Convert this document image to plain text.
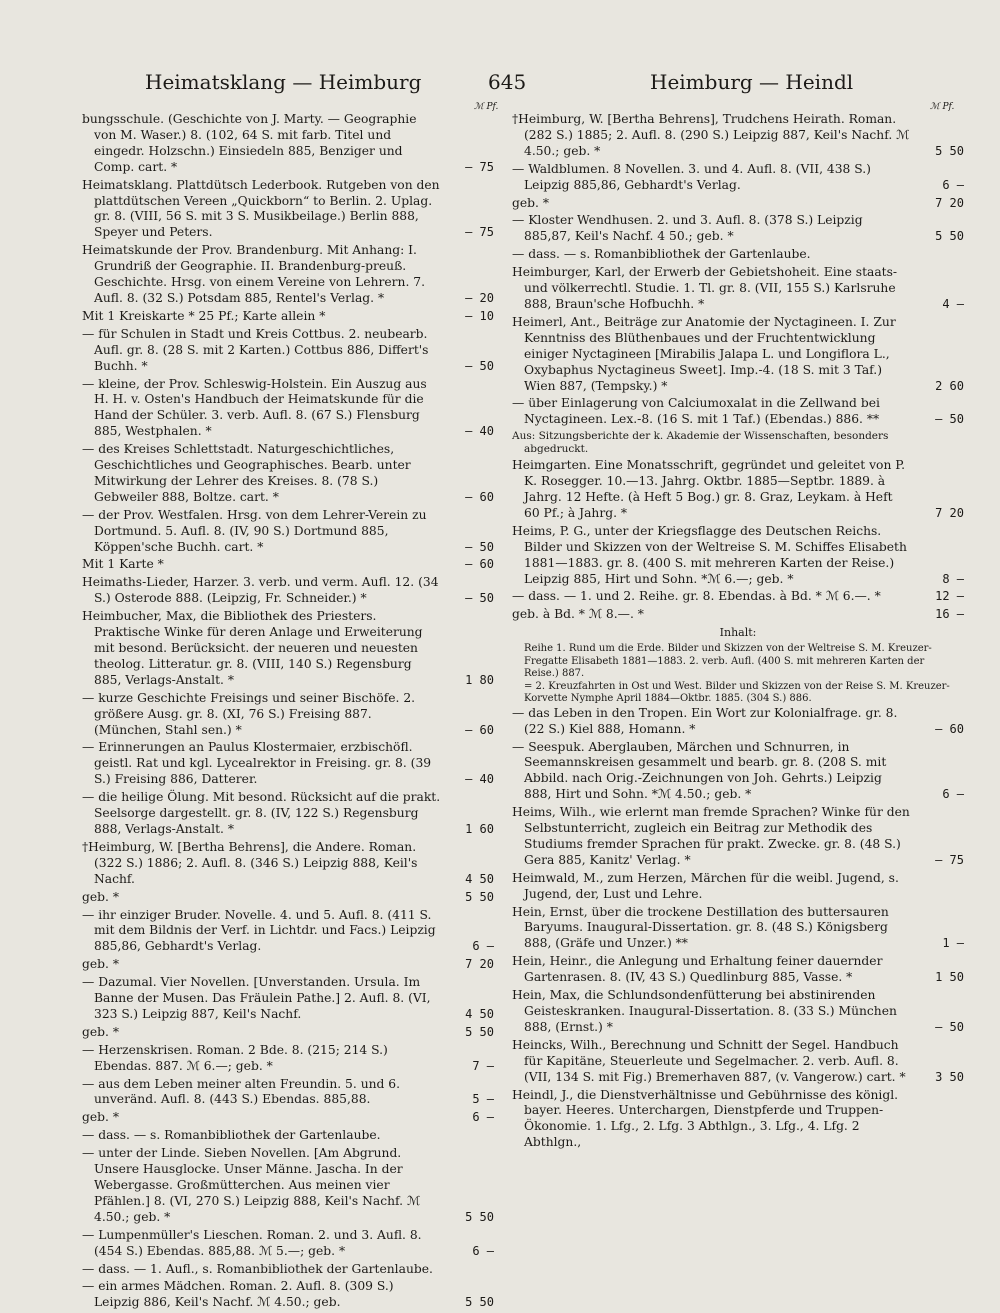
Heimatsklang — Heimburg	645	Heimburg — Heindl
ℳ Pf.	ℳ Pf.
bungsschule. (Geschichte von J. Marty. — Geographie von M. Waser.) 8. (102, 64 S. mit farb. Titel und eingedr. Holzschn.) Einsiedeln 885, Benziger und Comp. cart. *	— 75
Heimatsklang. Plattdütsch Lederbook. Rutgeben von den plattdütschen Vereen „Quickborn“ to Berlin. 2. Uplag. gr. 8. (VIII, 56 S. mit 3 S. Musikbeilage.) Berlin 888, Speyer und Peters.	— 75
Heimatskunde der Prov. Brandenburg. Mit Anhang: I. Grundriß der Geographie. II. Brandenburg-preuß. Geschichte. Hrsg. von einem Vereine von Lehrern. 7. Aufl. 8. (32 S.) Potsdam 885, Rentel's Verlag. *	— 20
Mit 1 Kreiskarte * 25 Pf.; Karte allein *	— 10
— für Schulen in Stadt und Kreis Cottbus. 2. neubearb. Aufl. gr. 8. (28 S. mit 2 Karten.) Cottbus 886, Differt's Buchh. *	— 50
— kleine, der Prov. Schleswig-Holstein. Ein Auszug aus H. H. v. Osten's Handbuch der Heimatskunde für die Hand der Schüler. 3. verb. Aufl. 8. (67 S.) Flensburg 885, Westphalen. *	— 40
— des Kreises Schlettstadt. Naturgeschichtliches, Geschichtliches und Geographisches. Bearb. unter Mitwirkung der Lehrer des Kreises. 8. (78 S.) Gebweiler 888, Boltze. cart. *	— 60
— der Prov. Westfalen. Hrsg. von dem Lehrer-Verein zu Dortmund. 5. Aufl. 8. (IV, 90 S.) Dortmund 885, Köppen'sche Buchh. cart. *	— 50
Mit 1 Karte *	— 60
Heimaths-Lieder, Harzer. 3. verb. und verm. Aufl. 12. (34 S.) Osterode 888. (Leipzig, Fr. Schneider.) *	— 50
Heimbucher, Max, die Bibliothek des Priesters. Praktische Winke für deren Anlage und Erweiterung mit besond. Berücksicht. der neueren und neuesten theolog. Litteratur. gr. 8. (VIII, 140 S.) Regensburg 885, Verlags-Anstalt. *	1 80
— kurze Geschichte Freisings und seiner Bischöfe. 2. größere Ausg. gr. 8. (XI, 76 S.) Freising 887. (München, Stahl sen.) *	— 60
— Erinnerungen an Paulus Klostermaier, erzbischöfl. geistl. Rat und kgl. Lycealrektor in Freising. gr. 8. (39 S.) Freising 886, Datterer.	— 40
— die heilige Ölung. Mit besond. Rücksicht auf die prakt. Seelsorge dargestellt. gr. 8. (IV, 122 S.) Regensburg 888, Verlags-Anstalt. *	1 60
†Heimburg, W. [Bertha Behrens], die Andere. Roman. (322 S.) 1886; 2. Aufl. 8. (346 S.) Leipzig 888, Keil's Nachf.	4 50
geb. *	5 50
— ihr einziger Bruder. Novelle. 4. und 5. Aufl. 8. (411 S. mit dem Bildnis der Verf. in Lichtdr. und Facs.) Leipzig 885,86, Gebhardt's Verlag.	6 —
geb. *	7 20
— Dazumal. Vier Novellen. [Unverstanden. Ursula. Im Banne der Musen. Das Fräulein Pathe.] 2. Aufl. 8. (VI, 323 S.) Leipzig 887, Keil's Nachf.	4 50
geb. *	5 50
— Herzenskrisen. Roman. 2 Bde. 8. (215; 214 S.) Ebendas. 887. ℳ 6.—; geb. *	7 —
— aus dem Leben meiner alten Freundin. 5. und 6. unveränd. Aufl. 8. (443 S.) Ebendas. 885,88.	5 —
geb. *	6 —
— dass. — s. Romanbibliothek der Gartenlaube.
— unter der Linde. Sieben Novellen. [Am Abgrund. Unsere Hausglocke. Unser Männe. Jascha. In der Webergasse. Großmütterchen. Aus meinen vier Pfählen.] 8. (VI, 270 S.) Leipzig 888, Keil's Nachf. ℳ 4.50.; geb. *	5 50
— Lumpenmüller's Lieschen. Roman. 2. und 3. Aufl. 8. (454 S.) Ebendas. 885,88. ℳ 5.—; geb. *	6 —
— dass. — 1. Aufl., s. Romanbibliothek der Gartenlaube.
— ein armes Mädchen. Roman. 2. Aufl. 8. (309 S.) Leipzig 886, Keil's Nachf. ℳ 4.50.; geb.	5 50
†Heimburg, W. [Bertha Behrens], Trudchens Heirath. Roman. (282 S.) 1885; 2. Aufl. 8. (290 S.) Leipzig 887, Keil's Nachf. ℳ 4.50.; geb. *	5 50
— Waldblumen. 8 Novellen. 3. und 4. Aufl. 8. (VII, 438 S.) Leipzig 885,86, Gebhardt's Verlag.	6 —
geb. *	7 20
— Kloster Wendhusen. 2. und 3. Aufl. 8. (378 S.) Leipzig 885,87, Keil's Nachf. 4 50.; geb. *	5 50
— dass. — s. Romanbibliothek der Gartenlaube.
Heimburger, Karl, der Erwerb der Gebietshoheit. Eine staats- und völkerrechtl. Studie. 1. Tl. gr. 8. (VII, 155 S.) Karlsruhe 888, Braun'sche Hofbuchh. *	4 —
Heimerl, Ant., Beiträge zur Anatomie der Nyctagineen. I. Zur Kenntniss des Blüthenbaues und der Fruchtentwicklung einiger Nyctagineen [Mirabilis Jalapa L. und Longiflora L., Oxybaphus Nyctagineus Sweet]. Imp.-4. (18 S. mit 3 Taf.) Wien 887, (Tempsky.) *	2 60
— über Einlagerung von Calciumoxalat in die Zellwand bei Nyctagineen. Lex.-8. (16 S. mit 1 Taf.) (Ebendas.) 886. **	— 50
Aus: Sitzungsberichte der k. Akademie der Wissenschaften, besonders abgedruckt.
Heimgarten. Eine Monatsschrift, gegründet und geleitet von P. K. Rosegger. 10.—13. Jahrg. Oktbr. 1885—Septbr. 1889. à Jahrg. 12 Hefte. (à Heft 5 Bog.) gr. 8. Graz, Leykam. à Heft 60 Pf.; à Jahrg. *	7 20
Heims, P. G., unter der Kriegsflagge des Deutschen Reichs. Bilder und Skizzen von der Weltreise S. M. Schiffes Elisabeth 1881—1883. gr. 8. (400 S. mit mehreren Karten der Reise.) Leipzig 885, Hirt und Sohn. *ℳ 6.—; geb. *	8 —
— dass. — 1. und 2. Reihe. gr. 8. Ebendas. à Bd. * ℳ 6.—. *	12 —
geb. à Bd. * ℳ 8.—. *	16 —
Inhalt:
Reihe 1. Rund um die Erde. Bilder und Skizzen von der Weltreise S. M. Kreuzer-Fregatte Elisabeth 1881—1883. 2. verb. Aufl. (400 S. mit mehreren Karten der Reise.) 887.
= 2. Kreuzfahrten in Ost und West. Bilder und Skizzen von der Reise S. M. Kreuzer-Korvette Nymphe April 1884—Oktbr. 1885. (304 S.) 886.
— das Leben in den Tropen. Ein Wort zur Kolonialfrage. gr. 8. (22 S.) Kiel 888, Homann. *	— 60
— Seespuk. Aberglauben, Märchen und Schnurren, in Seemannskreisen gesammelt und bearb. gr. 8. (208 S. mit Abbild. nach Orig.-Zeichnungen von Joh. Gehrts.) Leipzig 888, Hirt und Sohn. *ℳ 4.50.; geb. *	6 —
Heims, Wilh., wie erlernt man fremde Sprachen? Winke für den Selbstunterricht, zugleich ein Beitrag zur Methodik des Studiums fremder Sprachen für prakt. Zwecke. gr. 8. (48 S.) Gera 885, Kanitz' Verlag. *	— 75
Heimwald, M., zum Herzen, Märchen für die weibl. Jugend, s. Jugend, der, Lust und Lehre.
Hein, Ernst, über die trockene Destillation des buttersauren Baryums. Inaugural-Dissertation. gr. 8. (48 S.) Königsberg 888, (Gräfe und Unzer.) **	1 —
Hein, Heinr., die Anlegung und Erhaltung feiner dauernder Gartenrasen. 8. (IV, 43 S.) Quedlinburg 885, Vasse. *	1 50
Hein, Max, die Schlundsondenfütterung bei abstinirenden Geisteskranken. Inaugural-Dissertation. 8. (33 S.) München 888, (Ernst.) *	— 50
Heincks, Wilh., Berechnung und Schnitt der Segel. Handbuch für Kapitäne, Steuerleute und Segelmacher. 2. verb. Aufl. 8. (VII, 134 S. mit Fig.) Bremerhaven 887, (v. Vangerow.) cart. *	3 50
Heindl, J., die Dienstverhältnisse und Gebührnisse des königl. bayer. Heeres. Unterchargen, Dienstpferde und Truppen-Ökonomie. 1. Lfg., 2. Lfg. 3 Abthlgn., 3. Lfg., 4. Lfg. 2 Abthlgn.,
